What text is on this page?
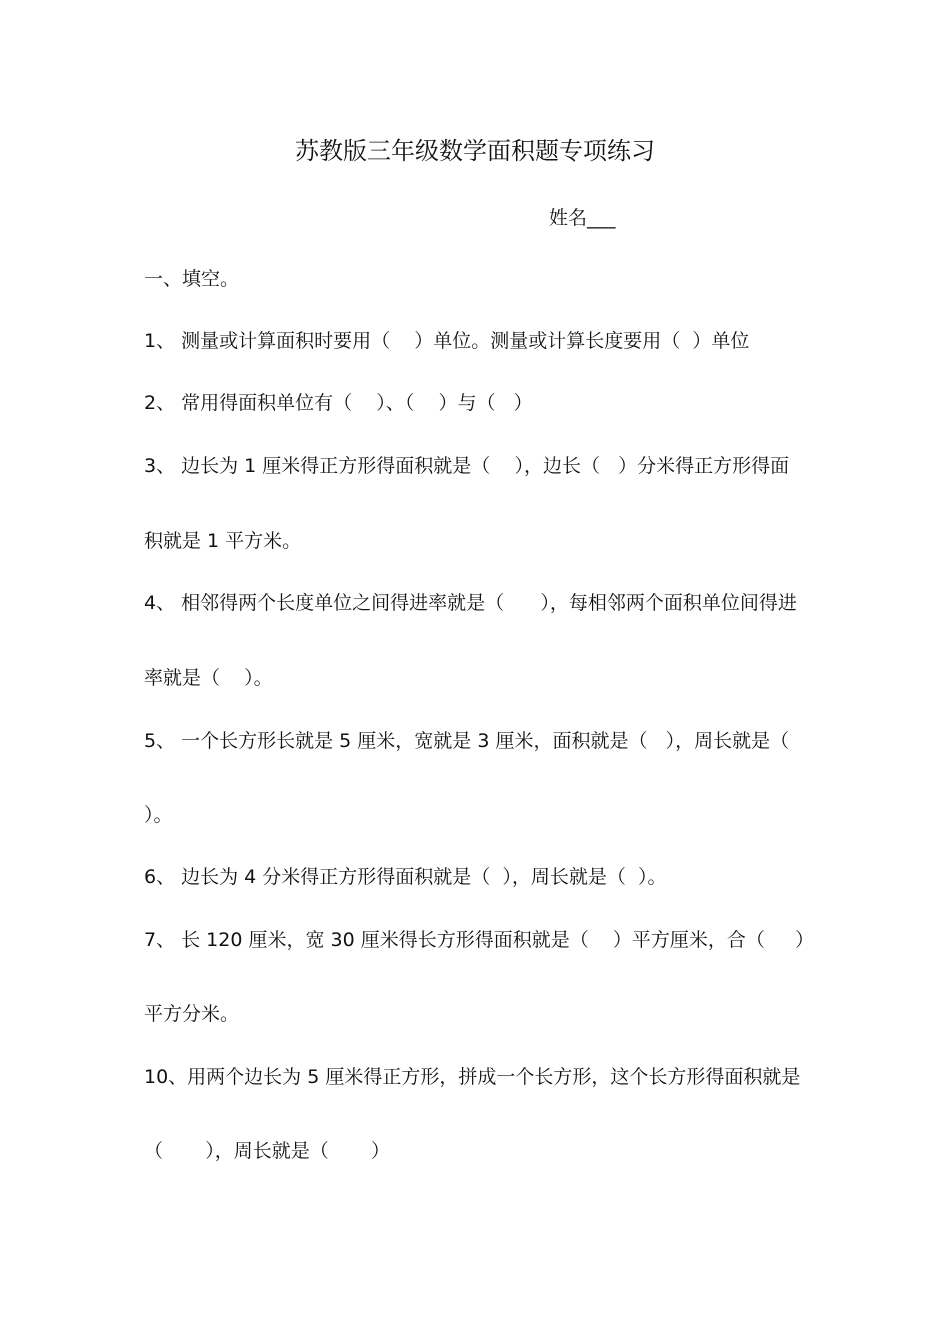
苏教版三年级数学面积题专项练习
姓名___
一、填空。
1、 测量或计算面积时要用（    ）单位。测量或计算长度要用（  ）单位
2、 常用得面积单位有（    ）、（    ）与（   ）
3、 边长为 1 厘米得正方形得面积就是（    ），边长（   ）分米得正方形得面
积就是 1 平方米。
4、 相邻得两个长度单位之间得进率就是（      ），每相邻两个面积单位间得进
率就是（    ）。
5、 一个长方形长就是 5 厘米，宽就是 3 厘米，面积就是（   ），周长就是（
）。
6、 边长为 4 分米得正方形得面积就是（  ），周长就是（  ）。
7、 长 120 厘米，宽 30 厘米得长方形得面积就是（    ）平方厘米，合（     ）
平方分米。
10、用两个边长为 5 厘米得正方形，拼成一个长方形，这个长方形得面积就是
（       ），周长就是（       ）
